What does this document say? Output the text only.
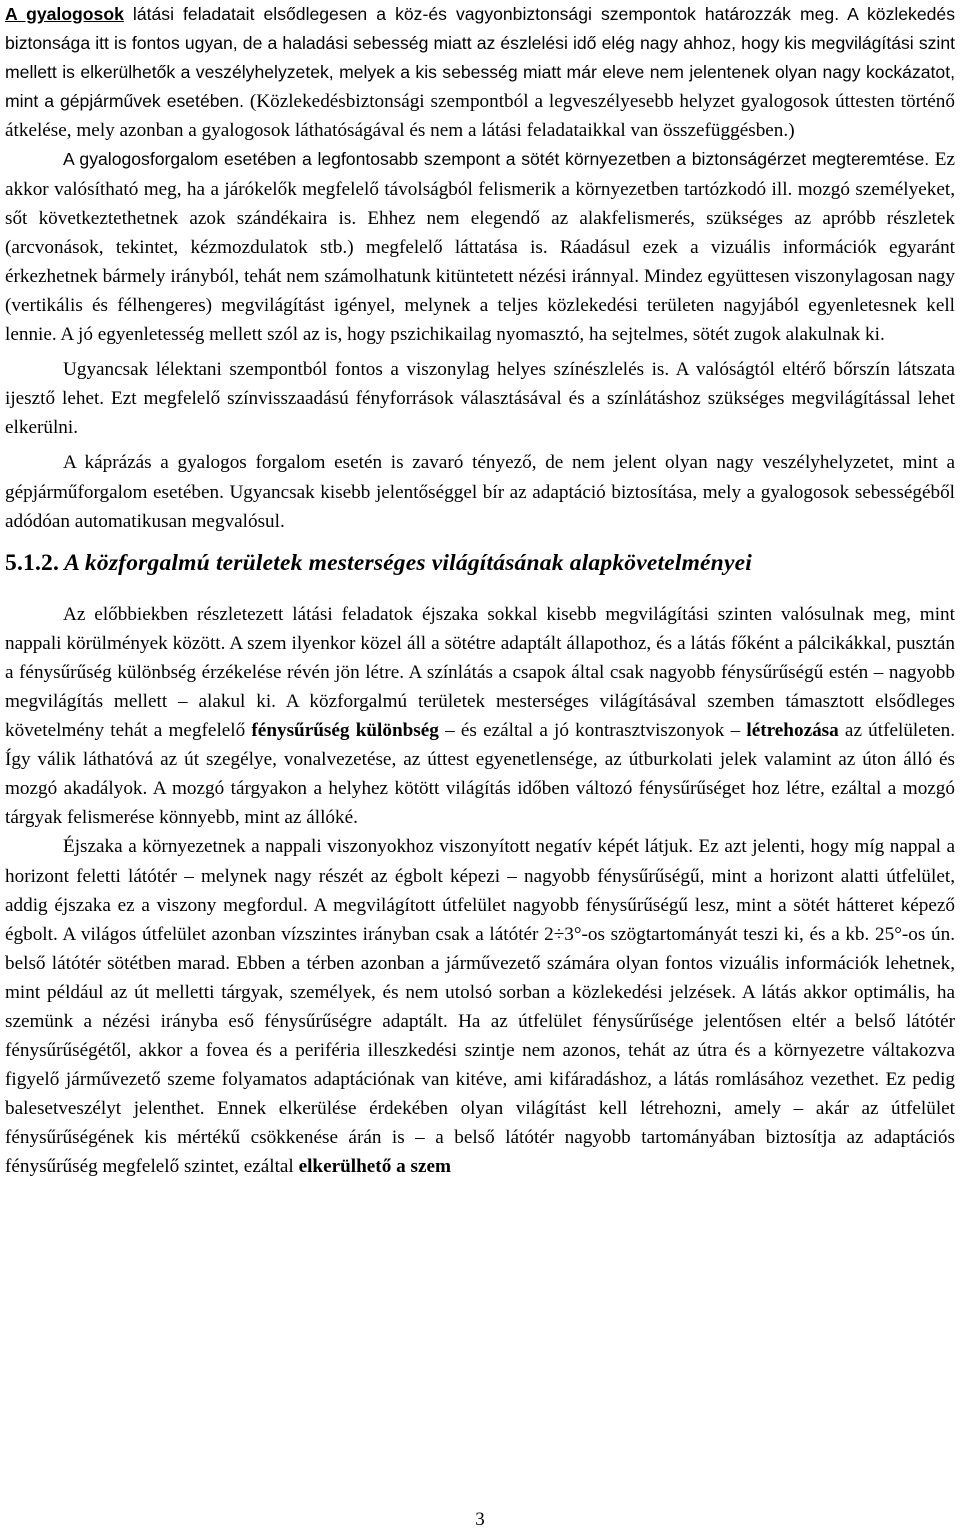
A gyalogosok látási feladatait elsődlegesen a köz-és vagyonbiztonsági szempontok határozzák meg. A közlekedés biztonsága itt is fontos ugyan, de a haladási sebesség miatt az észlelési idő elég nagy ahhoz, hogy kis megvilágítási szint mellett is elkerülhetők a veszélyhelyzetek, melyek a kis sebesség miatt már eleve nem jelentenek olyan nagy kockázatot, mint a gépjárművek esetében. (Közlekedésbiztonsági szempontból a legveszélyesebb helyzet gyalogosok úttesten történő átkelése, mely azonban a gyalogosok láthatóságával és nem a látási feladataikkal van összefüggésben.)

A gyalogosforgalom esetében a legfontosabb szempont a sötét környezetben a biztonságérzet megteremtése. Ez akkor valósítható meg, ha a járókelők megfelelő távolságból felismerik a környezetben tartózkodó ill. mozgó személyeket, sőt következtethetnek azok szándékaira is. Ehhez nem elegendő az alakfelismerés, szükséges az apróbb részletek (arcvonások, tekintet, kézmozdulatok stb.) megfelelő láttatása is. Ráadásul ezek a vizuális információk egyaránt érkezhetnek bármely irányból, tehát nem számolhatunk kitüntetett nézési iránnyal. Mindez együttesen viszonylagosan nagy (vertikális és félhengeres) megvilágítást igényel, melynek a teljes közlekedési területen nagyjából egyenletesnek kell lennie. A jó egyenletesség mellett szól az is, hogy pszichikailag nyomasztó, ha sejtelmes, sötét zugok alakulnak ki.

Ugyancsak lélektani szempontból fontos a viszonylag helyes színészlelés is. A valóságtól eltérő bőrszín látszata ijesztő lehet. Ezt megfelelő színvisszaadású fényforrások választásával és a színlátáshoz szükséges megvilágítással lehet elkerülni.

A káprázás a gyalogos forgalom esetén is zavaró tényező, de nem jelent olyan nagy veszélyhelyzetet, mint a gépjárműforgalom esetében. Ugyancsak kisebb jelentőséggel bír az adaptáció biztosítása, mely a gyalogosok sebességéből adódóan automatikusan megvalósul.

5.1.2. A közforgalmú területek mesterséges világításának alapkövetelményei

Az előbbiekben részletezett látási feladatok éjszaka sokkal kisebb megvilágítási szinten valósulnak meg, mint nappali körülmények között. A szem ilyenkor közel áll a sötétre adaptált állapothoz, és a látás főként a pálcikákkal, pusztán a fénysűrűség különbség érzékelése révén jön létre. A színlátás a csapok által csak nagyobb fénysűrűségű estén – nagyobb megvilágítás mellett – alakul ki. A közforgalmú területek mesterséges világításával szemben támasztott elsődleges követelmény tehát a megfelelő fénysűrűség különbség – és ezáltal a jó kontrasztviszonyok – létrehozása az útfelületen. Így válik láthatóvá az út szegélye, vonalvezetése, az úttest egyenetlensége, az útburkolati jelek valamint az úton álló és mozgó akadályok. A mozgó tárgyakon a helyhez kötött világítás időben változó fénysűrűséget hoz létre, ezáltal a mozgó tárgyak felismerése könnyebb, mint az állóké.

Éjszaka a környezetnek a nappali viszonyokhoz viszonyított negatív képét látjuk. Ez azt jelenti, hogy míg nappal a horizont feletti látótér – melynek nagy részét az égbolt képezi – nagyobb fénysűrűségű, mint a horizont alatti útfelület, addig éjszaka ez a viszony megfordul. A megvilágított útfelület nagyobb fénysűrűségű lesz, mint a sötét hátteret képező égbolt. A világos útfelület azonban vízszintes irányban csak a látótér 2÷3°-os szögtartományát teszi ki, és a kb. 25°-os ún. belső látótér sötétben marad. Ebben a térben azonban a járművezető számára olyan fontos vizuális információk lehetnek, mint például az út melletti tárgyak, személyek, és nem utolsó sorban a közlekedési jelzések. A látás akkor optimális, ha szemünk a nézési irányba eső fénysűrűségre adaptált. Ha az útfelület fénysűrűsége jelentősen eltér a belső látótér fénysűrűségétől, akkor a fovea és a periféria illeszkedési szintje nem azonos, tehát az útra és a környezetre váltakozva figyelő járművezető szeme folyamatos adaptációnak van kitéve, ami kifáradáshoz, a látás romlásához vezethet. Ez pedig balesetveszélyt jelenthet. Ennek elkerülése érdekében olyan világítást kell létrehozni, amely – akár az útfelület fénysűrűségének kis mértékű csökkenése árán is – a belső látótér nagyobb tartományában biztosítja az adaptációs fénysűrűség megfelelő szintet, ezáltal elkerülhető a szem

3
